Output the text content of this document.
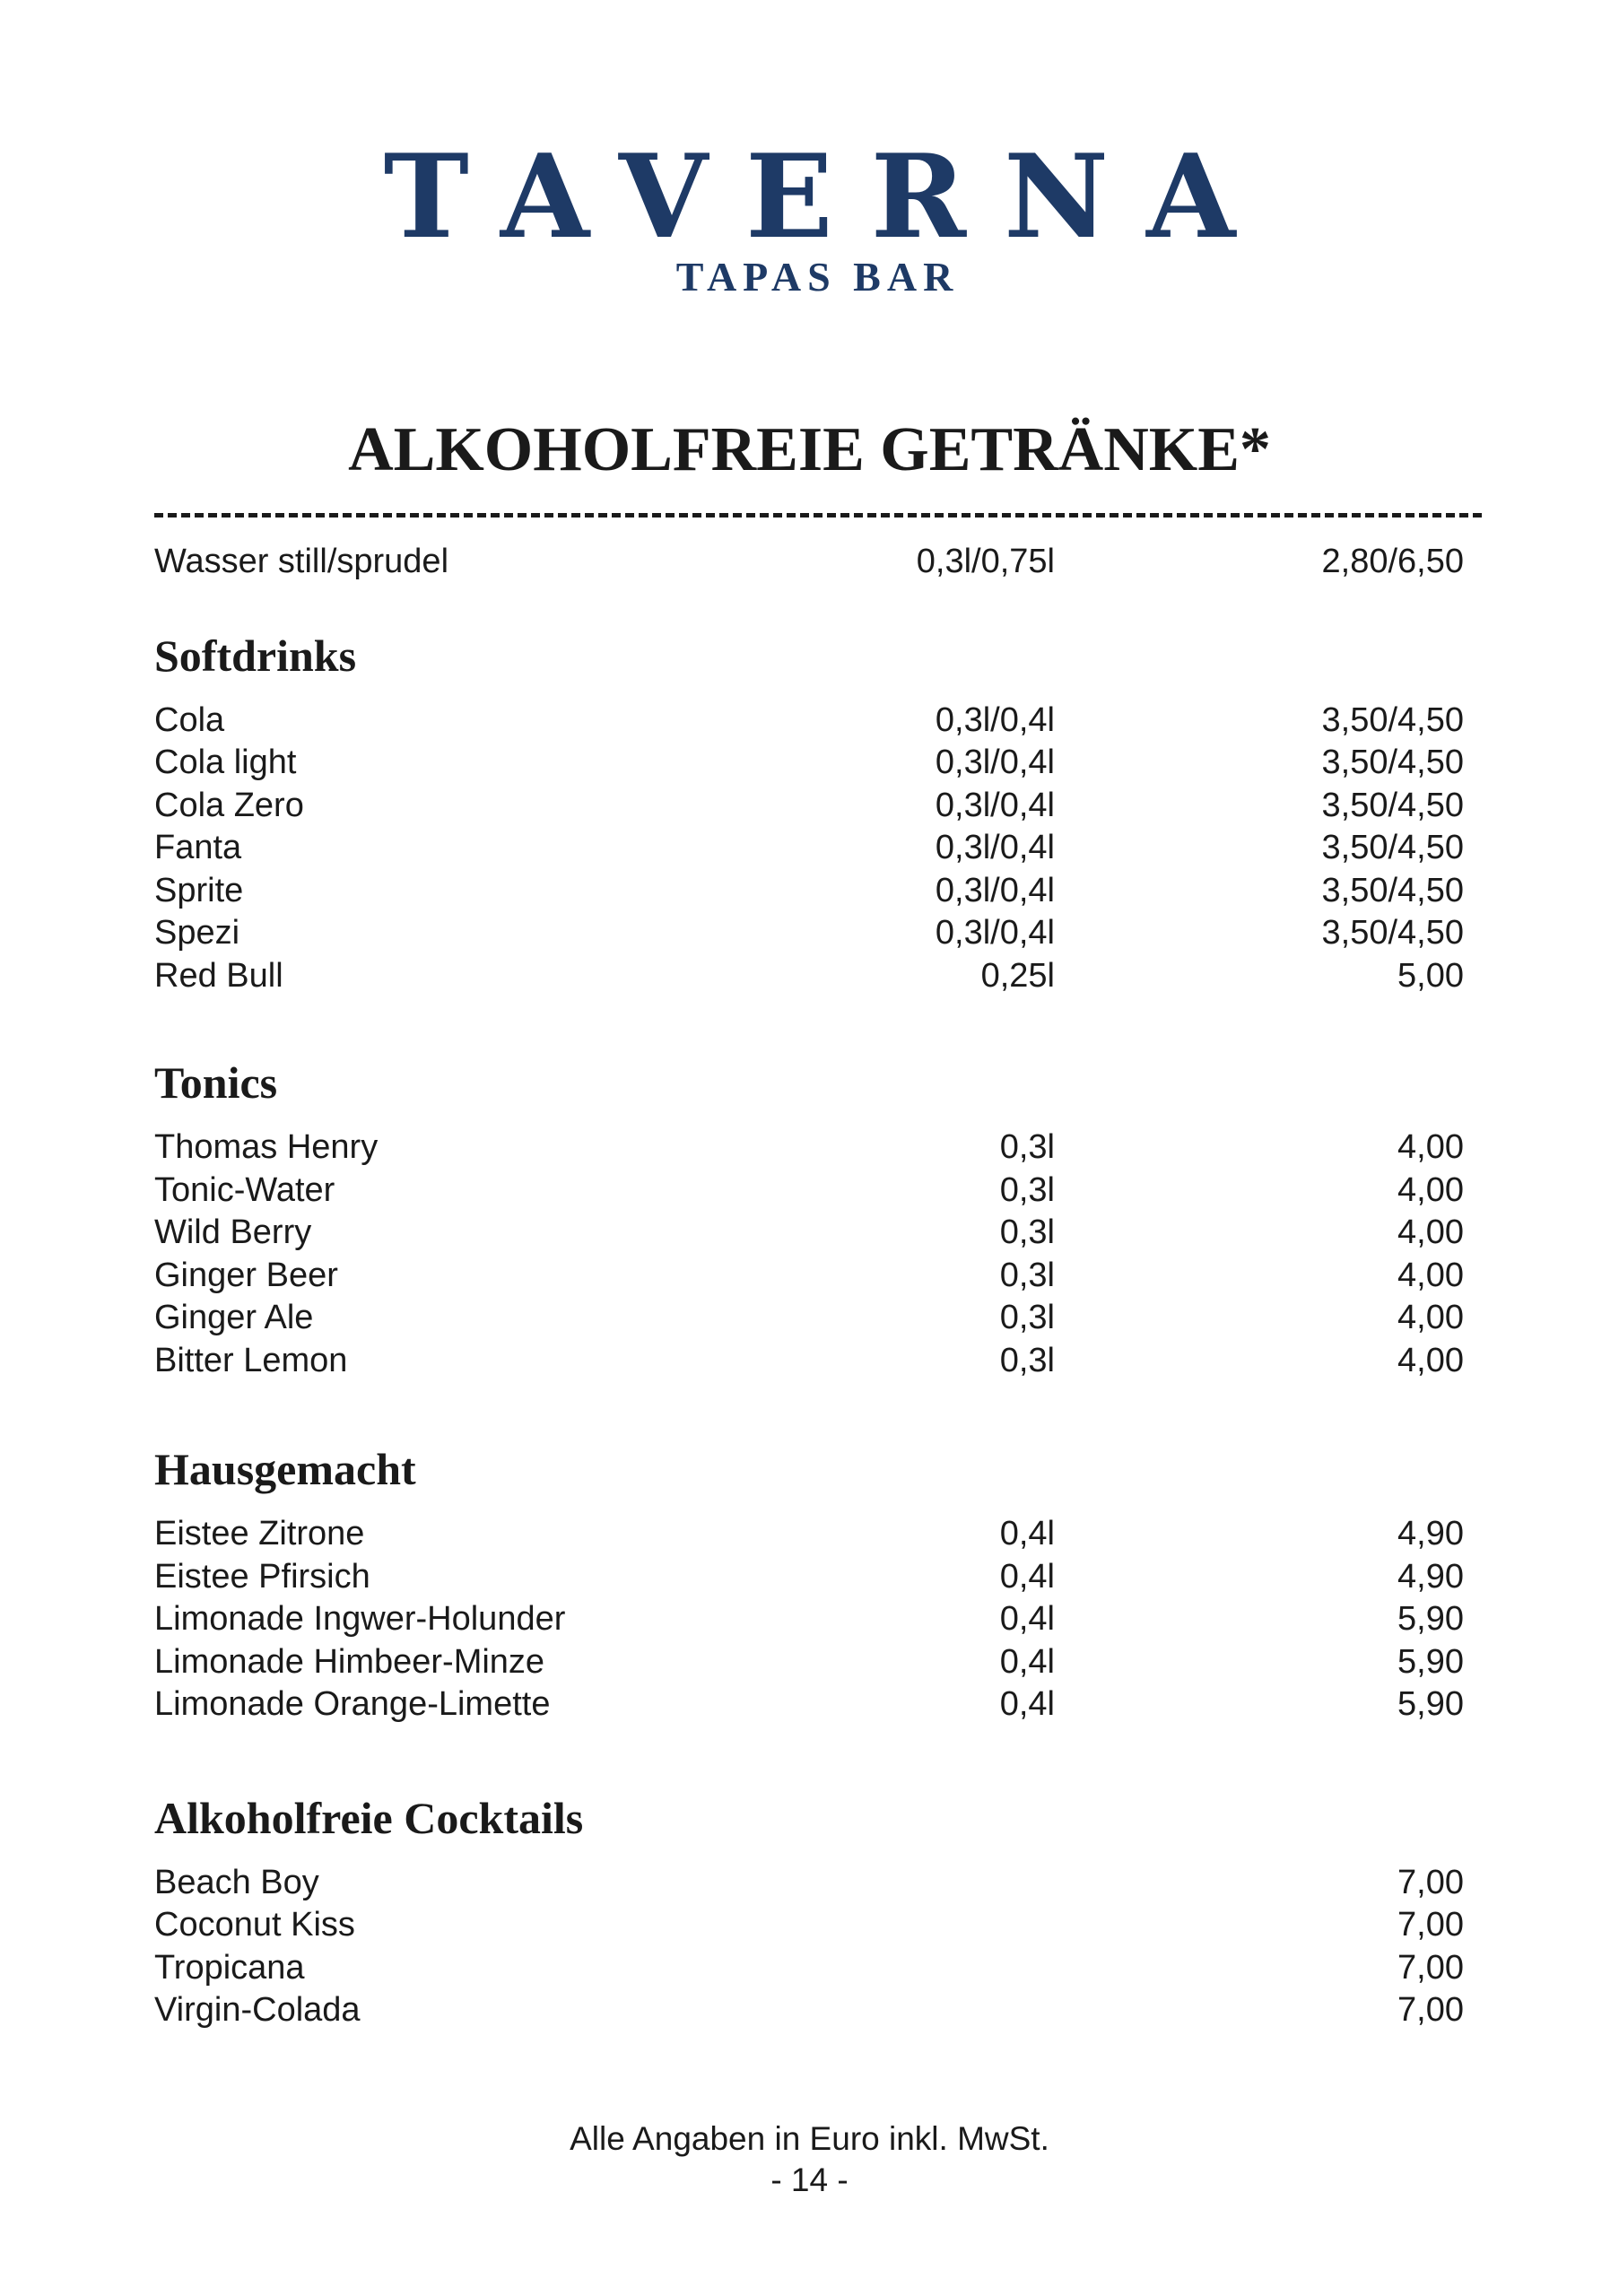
TAVERNA
TAPAS BAR
ALKOHOLFREIE GETRÄNKE*
Wasser still/sprudel	0,3l/0,75l	2,80/6,50
Softdrinks
Cola	0,3l/0,4l	3,50/4,50
Cola light	0,3l/0,4l	3,50/4,50
Cola Zero	0,3l/0,4l	3,50/4,50
Fanta	0,3l/0,4l	3,50/4,50
Sprite	0,3l/0,4l	3,50/4,50
Spezi	0,3l/0,4l	3,50/4,50
Red Bull	0,25l	5,00
Tonics
Thomas Henry	0,3l	4,00
Tonic-Water	0,3l	4,00
Wild Berry	0,3l	4,00
Ginger Beer	0,3l	4,00
Ginger Ale	0,3l	4,00
Bitter Lemon	0,3l	4,00
Hausgemacht
Eistee Zitrone	0,4l	4,90
Eistee Pfirsich	0,4l	4,90
Limonade Ingwer-Holunder	0,4l	5,90
Limonade Himbeer-Minze	0,4l	5,90
Limonade Orange-Limette	0,4l	5,90
Alkoholfreie Cocktails
Beach Boy	7,00
Coconut Kiss	7,00
Tropicana	7,00
Virgin-Colada	7,00
Alle Angaben in Euro inkl. MwSt.
- 14 -
